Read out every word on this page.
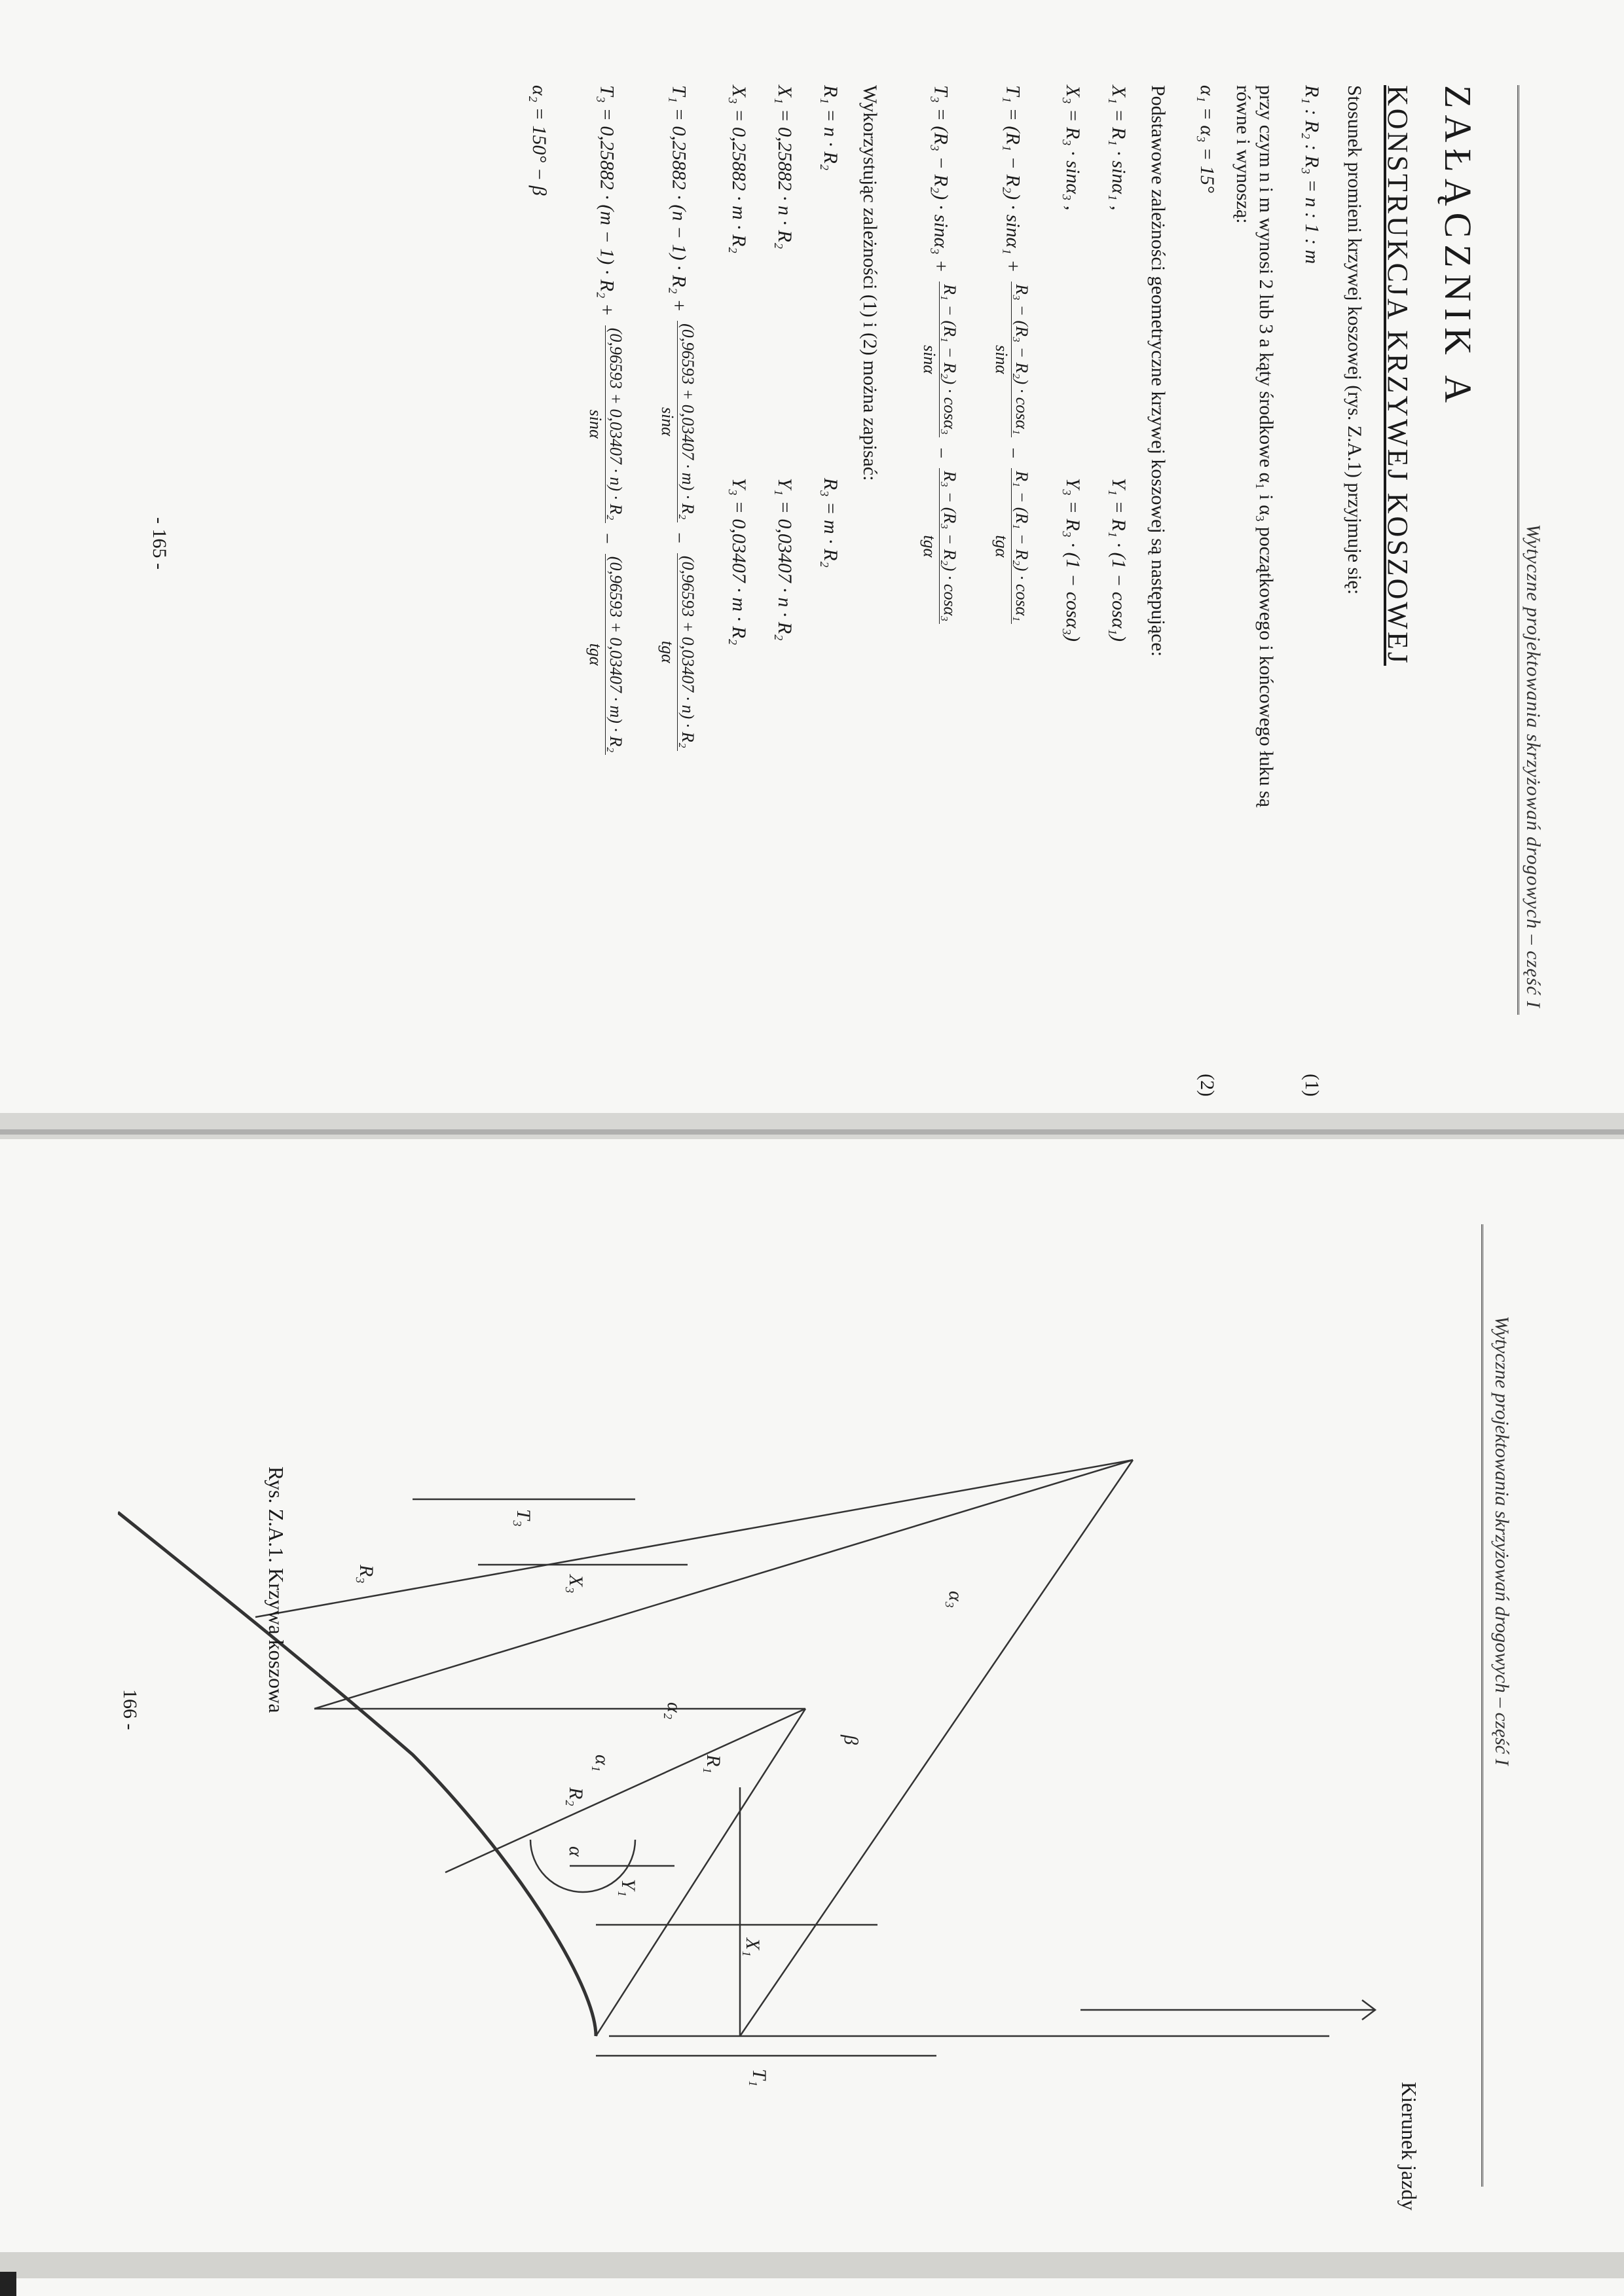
Wytyczne projektowania skrzyżowań drogowych – część I
ZAŁĄCZNIK A
KONSTRUKCJA KRZYWEJ KOSZOWEJ
Stosunek promieni krzywej koszowej (rys. Z.A.1) przyjmuje się:
R₁ : R₂ : R₃ = n : 1 : m
(1)
przy czym n i m wynosi 2 lub 3 a kąty środkowe α₁ i α₃ początkowego i końcowego łuku są
równe i wynoszą:
α₁ = α₃ = 15°
(2)
Podstawowe zależności geometryczne krzywej koszowej są następujące:
X₁ = R₁ · sinα₁ ,
Y₁ = R₁ · (1 − cosα₁)
X₃ = R₃ · sinα₃ ,
Y₃ = R₃ · (1 − cosα₃)
T₁ = (R₁ − R₂) · sinα₁ +
R₃ − (R₃ − R₂) · cosα₁
sinα
−
R₁ − (R₁ − R₂) · cosα₁
tgα
T₃ = (R₃ − R₂) · sinα₃ +
R₁ − (R₁ − R₂) · cosα₃
sinα
−
R₃ − (R₃ − R₂) · cosα₃
tgα
Wykorzystując zależności (1) i (2) można zapisać:
R₁ = n · R₂
R₃ = m · R₂
X₁ = 0,25882 · n · R₂
Y₁ = 0,03407 · n · R₂
X₃ = 0,25882 · m · R₂
Y₃ = 0,03407 · m · R₂
T₁ = 0,25882 · (n − 1) · R₂ +
(0,96593 + 0,03407 · m) · R₂
sinα
−
(0,96593 + 0,03407 · n) · R₂
tgα
T₃ = 0,25882 · (m − 1) · R₂ +
(0,96593 + 0,03407 · n) · R₂
sinα
−
(0,96593 + 0,03407 · m) · R₂
tgα
α₂ = 150° − β
- 165 -
Wytyczne projektowania skrzyżowań drogowych – część I
T₁
X₁
Y₁
T₃
X₃
R₁
R₂
R₃
α
α₁
α₂
α₃
β
Kierunek jazdy
Rys. Z.A.1. Krzywa koszowa
166 -
